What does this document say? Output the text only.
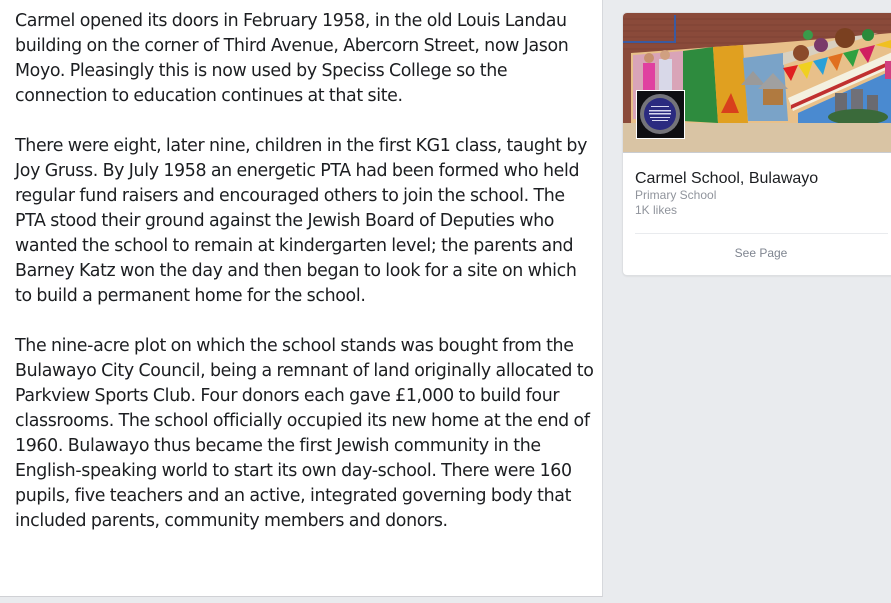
Carmel opened its doors in February 1958, in the old Louis Landau building on the corner of Third Avenue, Abercorn Street, now Jason Moyo. Pleasingly this is now used by Speciss College so the connection to education continues at that site.

There were eight, later nine, children in the first KG1 class, taught by Joy Gruss. By July 1958 an energetic PTA had been formed who held regular fund raisers and encouraged others to join the school. The PTA stood their ground against the Jewish Board of Deputies who wanted the school to remain at kindergarten level; the parents and Barney Katz won the day and then began to look for a site on which to build a permanent home for the school.

The nine-acre plot on which the school stands was bought from the Bulawayo City Council, being a remnant of land originally allocated to Parkview Sports Club. Four donors each gave £1,000 to build four classrooms. The school officially occupied its new home at the end of 1960. Bulawayo thus became the first Jewish community in the English-speaking world to start its own day-school. There were 160 pupils, five teachers and an active, integrated governing body that included parents, community members and donors.

Carmel School, Bulawayo
Primary School
1K likes
See Page
